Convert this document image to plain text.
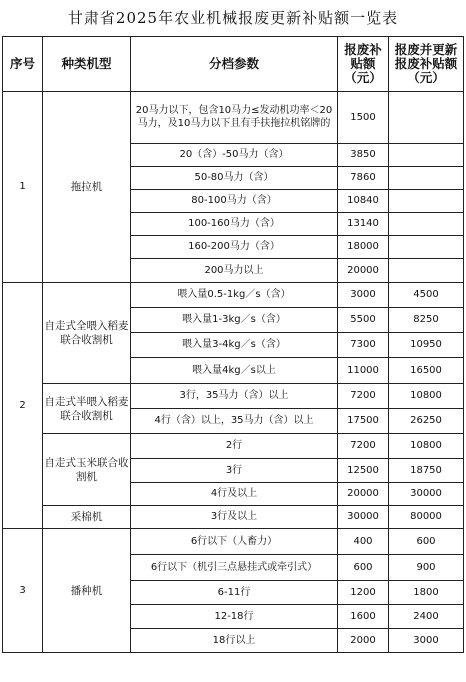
甘肃省2025年农业机械报废更新补贴额一览表
序号	种类机型	分档参数	报废补贴额（元）	报废并更新报废补贴额（元）
1	拖拉机	20马力以下，包含10马力≤发动机功率＜20马力，及10马力以下且有手扶拖拉机铭牌的	1500	
		20（含）-50马力（含）	3850	
		50-80马力（含）	7860	
		80-100马力（含）	10840	
		100-160马力（含）	13140	
		160-200马力（含）	18000	
		200马力以上	20000	
2	自走式全喂入稻麦联合收割机	喂入量0.5-1kg／s（含）	3000	4500
		喂入量1-3kg／s（含）	5500	8250
		喂入量3-4kg／s（含）	7300	10950
		喂入量4kg／s以上	11000	16500
	自走式半喂入稻麦联合收割机	3行，35马力（含）以上	7200	10800
		4行（含）以上，35马力（含）以上	17500	26250
	自走式玉米联合收割机	2行	7200	10800
		3行	12500	18750
		4行及以上	20000	30000
	采棉机	3行及以上	30000	80000
3	播种机	6行以下（人畜力）	400	600
		6行以下（机引三点悬挂式或牵引式）	600	900
		6-11行	1200	1800
		12-18行	1600	2400
		18行以上	2000	3000
